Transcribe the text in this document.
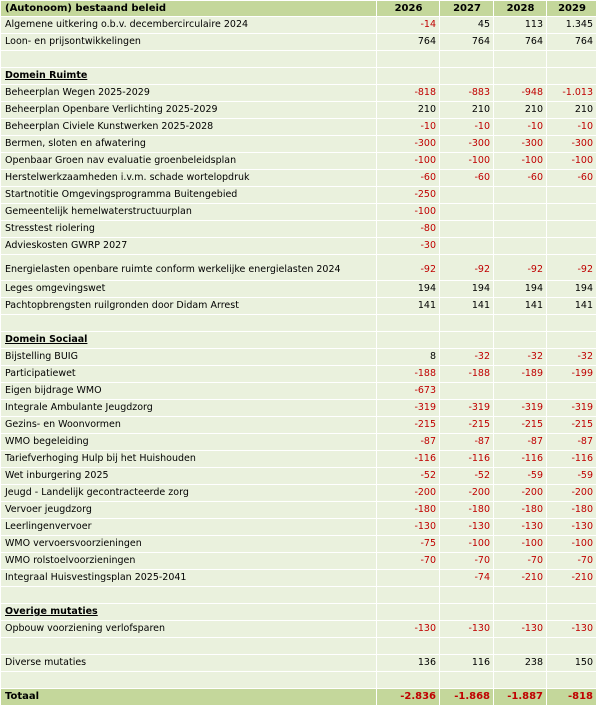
(Autonoom) bestaand beleid	2026	2027	2028	2029
Algemene uitkering o.b.v. decembercirculaire 2024	-14	45	113	1.345
Loon- en prijsontwikkelingen	764	764	764	764

Domein Ruimte				
Beheerplan Wegen 2025-2029	-818	-883	-948	-1.013
Beheerplan Openbare Verlichting 2025-2029	210	210	210	210
Beheerplan Civiele Kunstwerken 2025-2028	-10	-10	-10	-10
Bermen, sloten en afwatering	-300	-300	-300	-300
Openbaar Groen nav evaluatie groenbeleidsplan	-100	-100	-100	-100
Herstelwerkzaamheden i.v.m. schade wortelopdruk	-60	-60	-60	-60
Startnotitie Omgevingsprogramma Buitengebied	-250			
Gemeentelijk hemelwaterstructuurplan	-100			
Stresstest riolering	-80			
Advieskosten GWRP 2027	-30			
Energielasten openbare ruimte conform werkelijke energielasten 2024	-92	-92	-92	-92
Leges omgevingswet	194	194	194	194
Pachtopbrengsten ruilgronden door Didam Arrest	141	141	141	141

Domein Sociaal				
Bijstelling BUIG	8	-32	-32	-32
Participatiewet	-188	-188	-189	-199
Eigen bijdrage WMO	-673			
Integrale Ambulante Jeugdzorg	-319	-319	-319	-319
Gezins- en Woonvormen	-215	-215	-215	-215
WMO begeleiding	-87	-87	-87	-87
Tariefverhoging Hulp bij het Huishouden	-116	-116	-116	-116
Wet inburgering 2025	-52	-52	-59	-59
Jeugd - Landelijk gecontracteerde zorg	-200	-200	-200	-200
Vervoer jeugdzorg	-180	-180	-180	-180
Leerlingenvervoer	-130	-130	-130	-130
WMO vervoersvoorzieningen	-75	-100	-100	-100
WMO rolstoelvoorzieningen	-70	-70	-70	-70
Integraal Huisvestingsplan 2025-2041		-74	-210	-210

Overige mutaties				
Opbouw voorziening verlofsparen	-130	-130	-130	-130

Diverse mutaties	136	116	238	150

Totaal	-2.836	-1.868	-1.887	-818
